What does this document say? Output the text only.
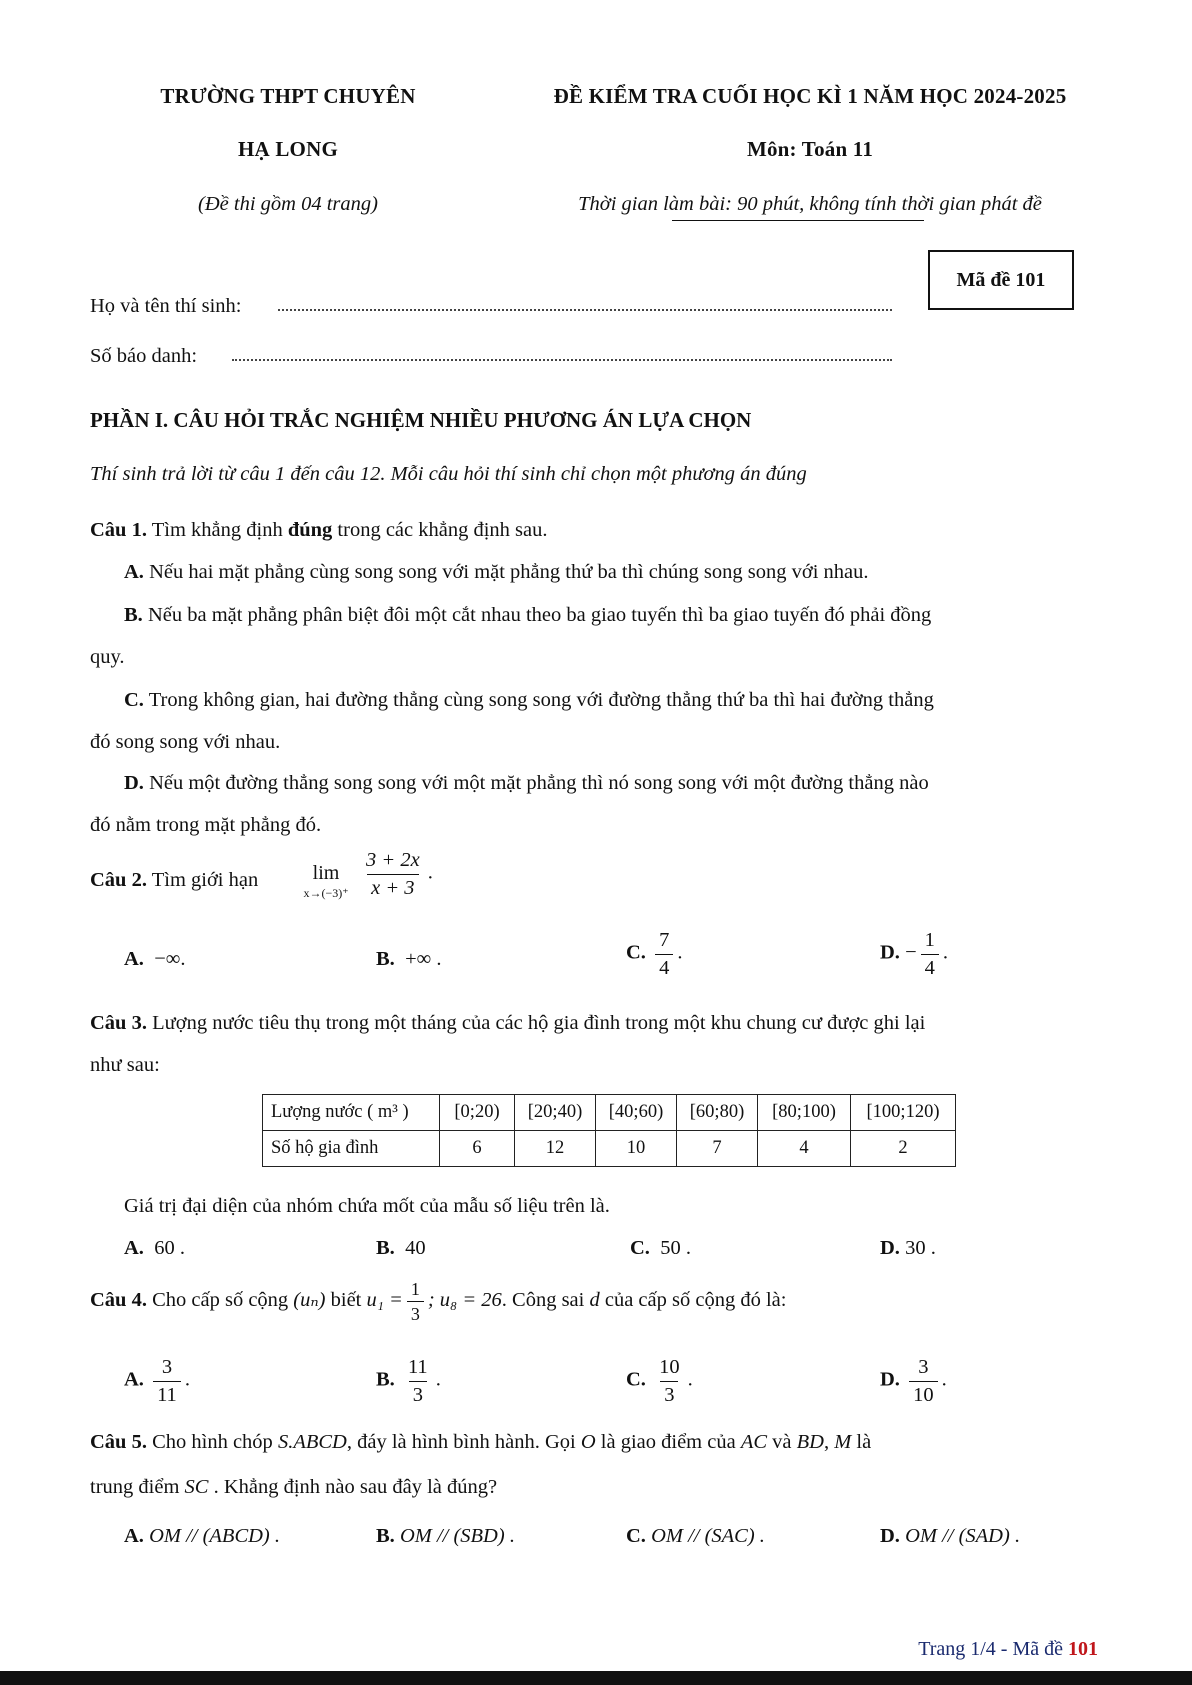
TRƯỜNG THPT CHUYÊN
HẠ LONG
(Đề thi gồm 04 trang)
ĐỀ KIỂM TRA CUỐI HỌC KÌ 1 NĂM HỌC 2024-2025
Môn: Toán 11
Thời gian làm bài: 90 phút, không tính thời gian phát đề
Họ và tên thí sinh:
Số báo danh:
Mã đề 101
PHẦN I. CÂU HỎI TRẮC NGHIỆM NHIỀU PHƯƠNG ÁN LỰA CHỌN
Thí sinh trả lời từ câu 1 đến câu 12. Mỗi câu hỏi thí sinh chỉ chọn một phương án đúng
Câu 1. Tìm khẳng định đúng trong các khẳng định sau.
A. Nếu hai mặt phẳng cùng song song với mặt phẳng thứ ba thì chúng song song với nhau.
B. Nếu ba mặt phẳng phân biệt đôi một cắt nhau theo ba giao tuyến thì ba giao tuyến đó phải đồng
quy.
C. Trong không gian, hai đường thẳng cùng song song với đường thẳng thứ ba thì hai đường thẳng
đó song song với nhau.
D. Nếu một đường thẳng song song với một mặt phẳng thì nó song song với một đường thẳng nào
đó nằm trong mặt phẳng đó.
Câu 2. Tìm giới hạn	lim
$x\to(-3)^+ \frac{3 + 2x}{x + 3}$ .
A. −∞.	B. +∞ .	C. $\frac{7}{4}$ .	D. − $\frac{1}{4}$ .
Câu 3. Lượng nước tiêu thụ trong một tháng của các hộ gia đình trong một khu chung cư được ghi lại
như sau:
Lượng nước ( m³ )	[0;20)	[20;40)	[40;60)	[60;80)	[80;100)	[100;120)
Số hộ gia đình	6	12	10	7	4	2
Giá trị đại diện của nhóm chứa mốt của mẫu số liệu trên là.
A. 60 .	B. 40	C. 50 .	D. 30 .
Câu 4. Cho cấp số cộng (uₙ) biết $u_1 = \frac{1}{3}$ ; u₈ = 26. Công sai d của cấp số cộng đó là:
A. $\frac{3}{11}$ .	B. $\frac{11}{3}$ .	C. $\frac{10}{3}$ .	D. $\frac{3}{10}$ .
Câu 5. Cho hình chóp S.ABCD, đáy là hình bình hành. Gọi O là giao điểm của AC và BD, M là
trung điểm SC . Khẳng định nào sau đây là đúng?
A. OM // (ABCD) .	B. OM // (SBD) .	C. OM // (SAC) .	D. OM // (SAD) .
Trang 1/4 - Mã đề 101
